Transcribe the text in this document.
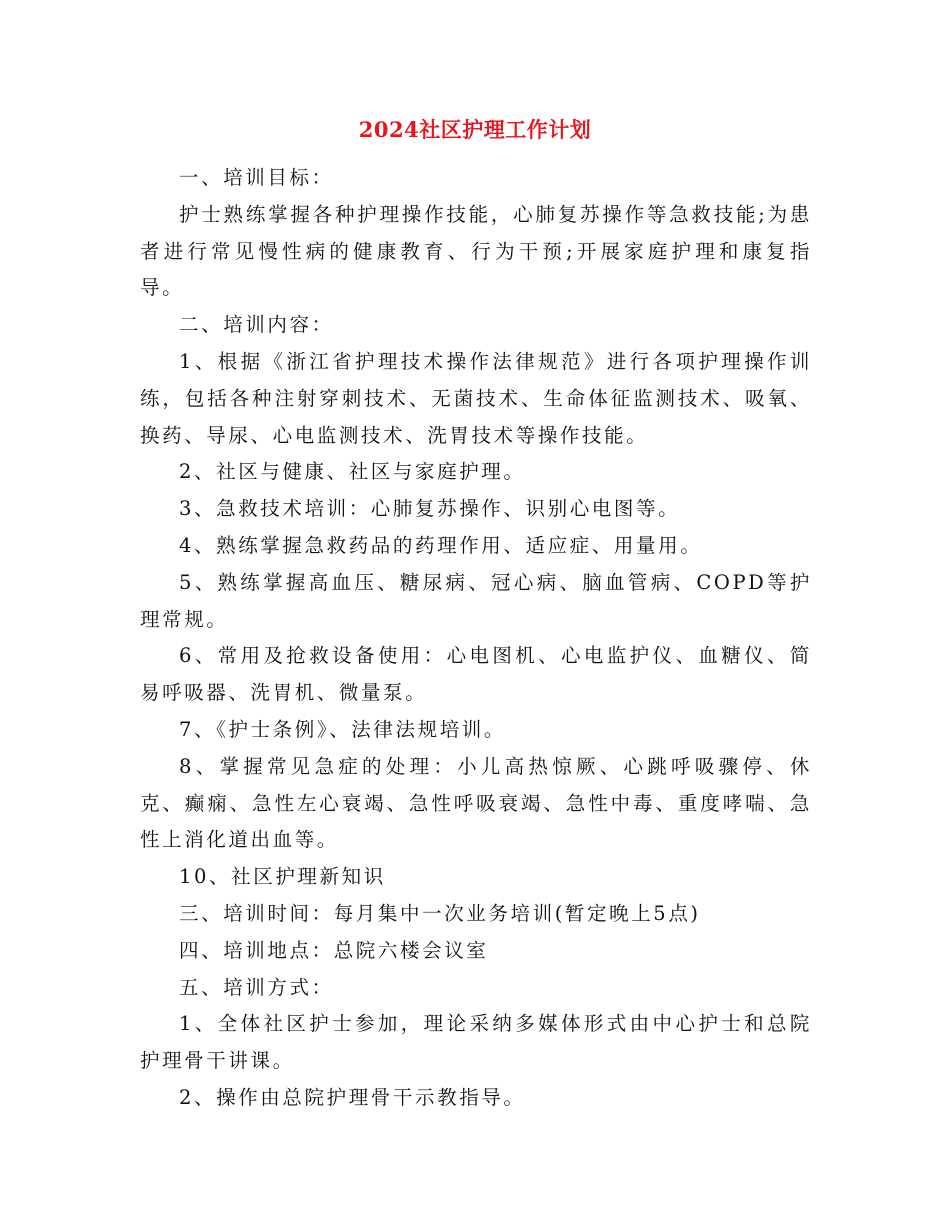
2024社区护理工作计划

一、培训目标：

护士熟练掌握各种护理操作技能，心肺复苏操作等急救技能;为患者进行常见慢性病的健康教育、行为干预;开展家庭护理和康复指导。

二、培训内容：

1、根据《浙江省护理技术操作法律规范》进行各项护理操作训练，包括各种注射穿刺技术、无菌技术、生命体征监测技术、吸氧、换药、导尿、心电监测技术、洗胃技术等操作技能。

2、社区与健康、社区与家庭护理。

3、急救技术培训：心肺复苏操作、识别心电图等。

4、熟练掌握急救药品的药理作用、适应症、用量用。

5、熟练掌握高血压、糖尿病、冠心病、脑血管病、COPD等护理常规。

6、常用及抢救设备使用：心电图机、心电监护仪、血糖仪、简易呼吸器、洗胃机、微量泵。

7、《护士条例》、法律法规培训。

8、掌握常见急症的处理：小儿高热惊厥、心跳呼吸骤停、休克、癫痫、急性左心衰竭、急性呼吸衰竭、急性中毒、重度哮喘、急性上消化道出血等。

10、社区护理新知识

三、培训时间：每月集中一次业务培训(暂定晚上5点)

四、培训地点：总院六楼会议室

五、培训方式：

1、全体社区护士参加，理论采纳多媒体形式由中心护士和总院护理骨干讲课。

2、操作由总院护理骨干示教指导。
